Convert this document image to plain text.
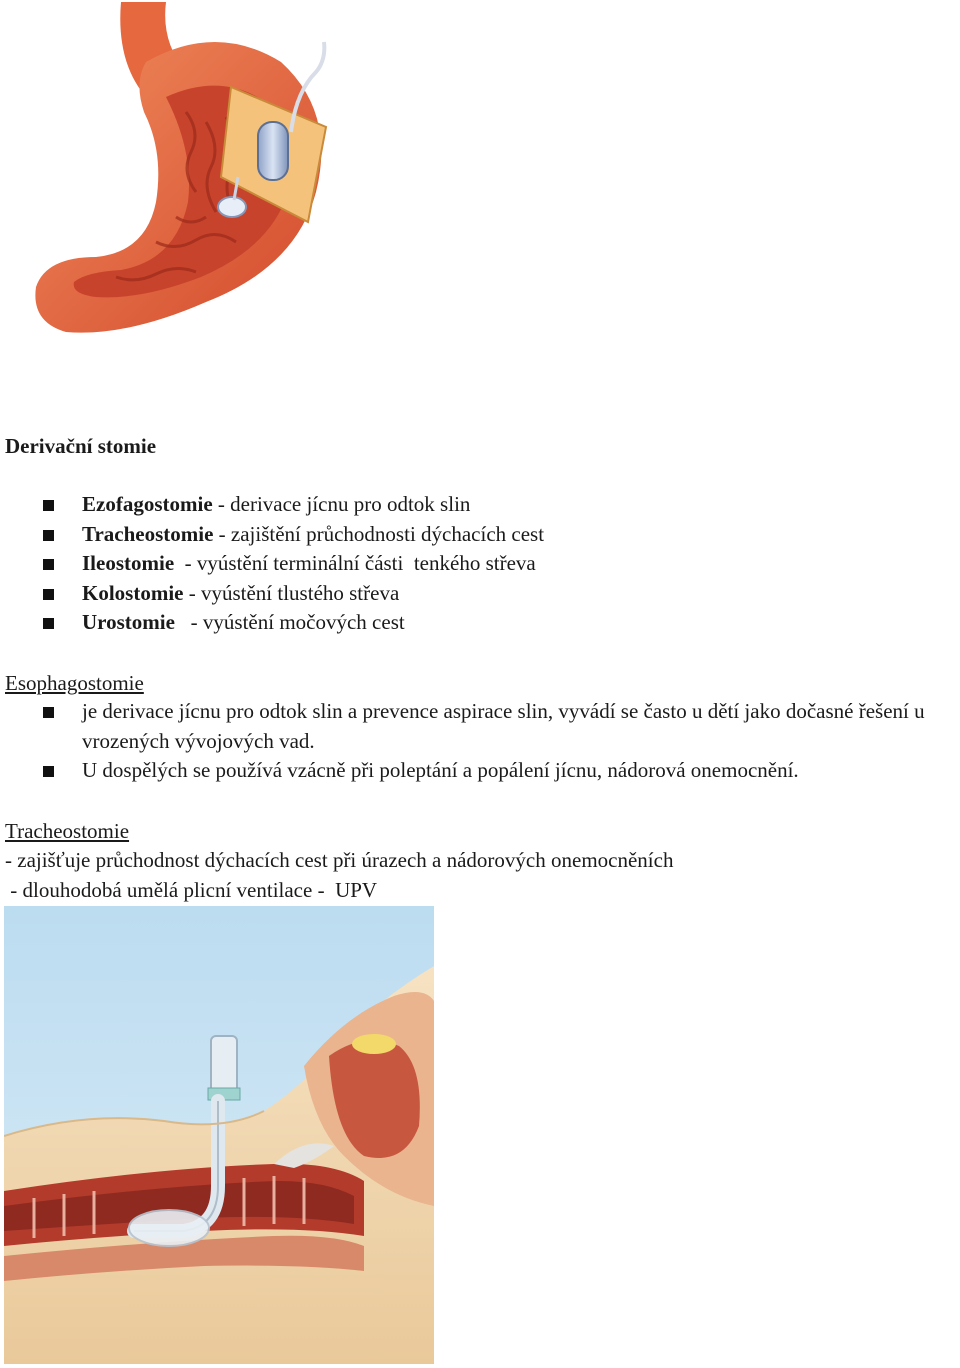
Derivační stomie
Ezofagostomie - derivace jícnu pro odtok slin
Tracheostomie - zajištění průchodnosti dýchacích cest
Ileostomie  - vyústění terminální části  tenkého střeva
Kolostomie - vyústění tlustého střeva
Urostomie   - vyústění močových cest
Esophagostomie
je derivace jícnu pro odtok slin a prevence aspirace slin, vyvádí se často u dětí jako dočasné řešení u vrozených vývojových vad.
U dospělých se používá vzácně při poleptání a popálení jícnu, nádorová onemocnění.
Tracheostomie

- zajišťuje průchodnost dýchacích cest při úrazech a nádorových onemocněních

- dlouhodobá umělá plicní ventilace -  UPV
